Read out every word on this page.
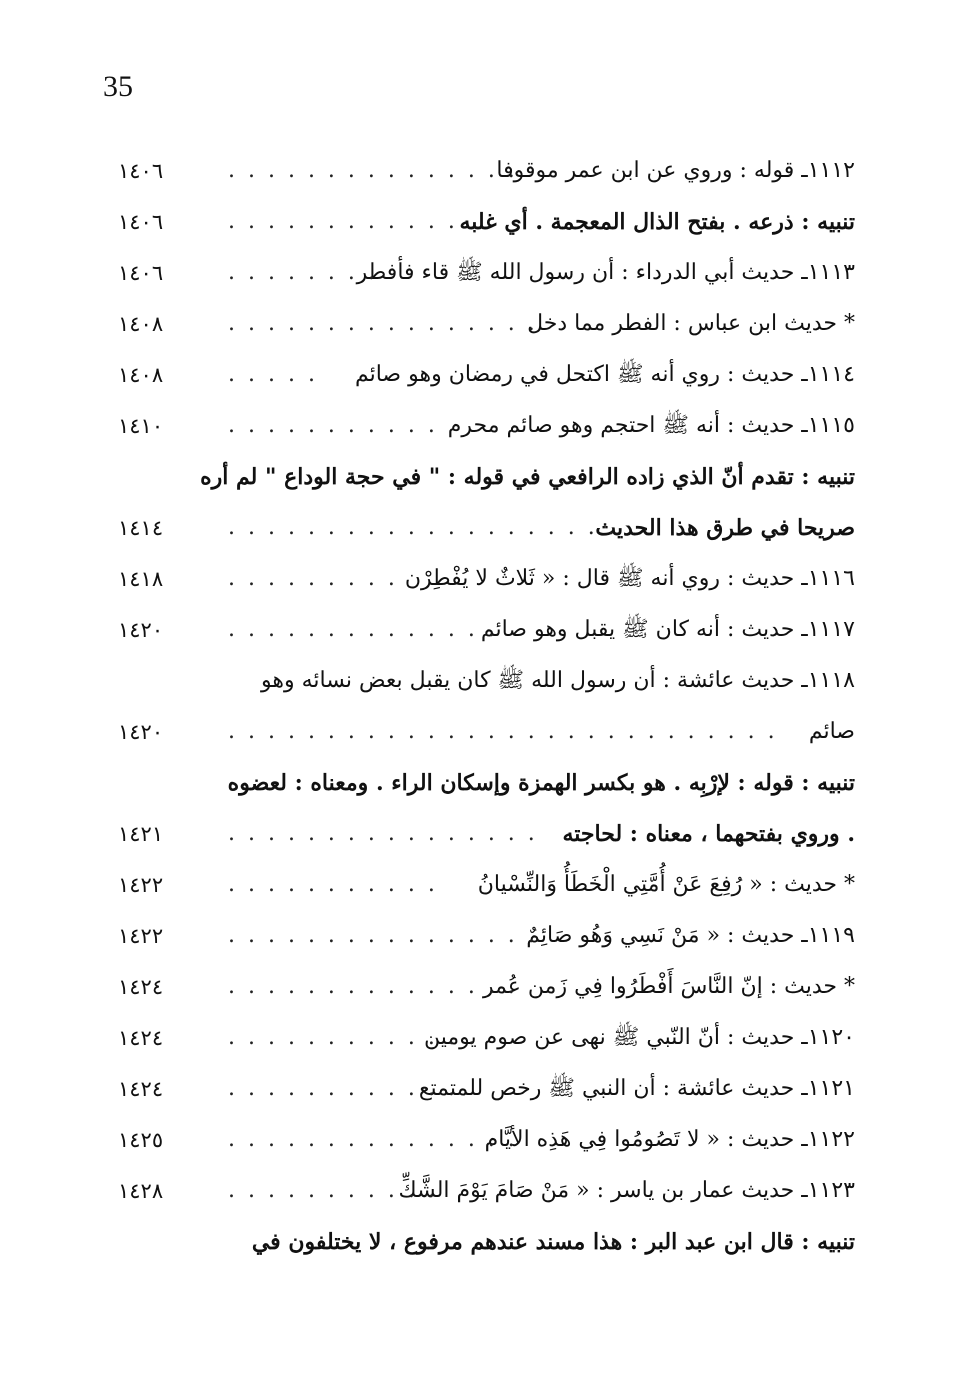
35
١١١٢ـ قوله : وروي عن ابن عمر موقوفا
. . . . . . . . . . . . . . .
١٤٠٦
تنبيه : ذرعه . بفتح الذال المعجمة . أي غلبه
. . . . . . . . . . . .
١٤٠٦
١١١٣ـ حديث أبي الدرداء : أن رسول الله ﷺ قاء فأفطر
. . . . . . . .
١٤٠٦
* حديث ابن عباس : الفطر مما دخل
. . . . . . . . . . . . . . . .
١٤٠٨
١١١٤ـ حديث : روي أنه ﷺ اكتحل في رمضان وهو صائم
. . . . .
١٤٠٨
١١١٥ـ حديث : أنه ﷺ احتجم وهو صائم محرم
. . . . . . . . . . .
١٤١٠
تنبيه : تقدم أنّ الذي زاده الرافعي في قوله : " في حجة الوداع " لم أره
صريحا في طرق هذا الحديث
. . . . . . . . . . . . . . . . . . . .
١٤١٤
١١١٦ـ حديث : روي أنه ﷺ قال : « ثَلاثٌ لا يُفْطِرْن
. . . . . . . . .
١٤١٨
١١١٧ـ حديث : أنه كان ﷺ يقبل وهو صائم
. . . . . . . . . . . . . .
١٤٢٠
١١١٨ـ حديث عائشة : أن رسول الله ﷺ كان يقبل بعض نسائه وهو
صائم
. . . . . . . . . . . . . . . . . . . . . . . . . . . .
١٤٢٠
تنبيه : قوله : لإرْبِه . هو بكسر الهمزة وإسكان الراء . ومعناه : لعضوه
. وروي بفتحهما ، معناه : لحاجته
. . . . . . . . . . . . . . . .
١٤٢١
* حديث : « رُفِعَ عَنْ أُمَّتِي الْخَطَأُ وَالنِّسْيانُ
. . . . . . . . . . .
١٤٢٢
١١١٩ـ حديث : « مَنْ نَسِي وَهُو صَائِمٌ
. . . . . . . . . . . . . . . .
١٤٢٢
* حديث : إنّ النَّاسَ أَفْطَرُوا فِي زَمن عُمر
. . . . . . . . . . . . . . .
١٤٢٤
١١٢٠ـ حديث : أنّ النّبي ﷺ نهى عن صوم يومين
. . . . . . . . . . . . .
١٤٢٤
١١٢١ـ حديث عائشة : أن النبي ﷺ رخص للمتمتع
. . . . . . . . . . . .
١٤٢٤
١١٢٢ـ حديث : « لا تَصُومُوا فِي هَذِه الأيَّام
. . . . . . . . . . . . . . .
١٤٢٥
١١٢٣ـ حديث عمار بن ياسر : « مَنْ صَامَ يَوْمَ الشَّكِّ
. . . . . . . . . . .
١٤٢٨
تنبيه : قال ابن عبد البر : هذا مسند عندهم مرفوع ، لا يختلفون في
